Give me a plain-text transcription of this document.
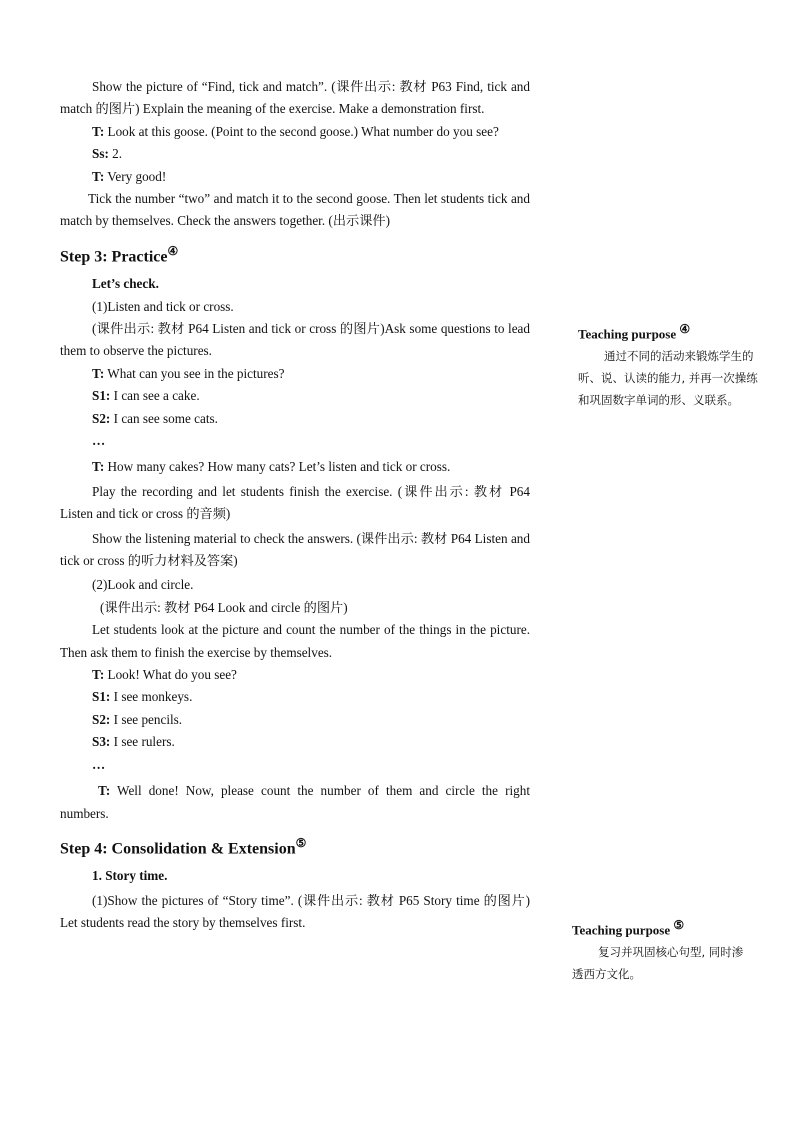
Show the picture of “Find, tick and match”. (课件出示: 教材 P63 Find, tick and match 的图片) Explain the meaning of the exercise. Make a demonstration first.

T: Look at this goose. (Point to the second goose.) What number do you see?

Ss: 2.

T: Very good!

Tick the number “two” and match it to the second goose. Then let students tick and match by themselves. Check the answers together. (出示课件)

Step 3: Practice④

Let’s check.

(1)Listen and tick or cross.

(课件出示: 教材 P64 Listen and tick or cross 的图片)Ask some questions to lead them to observe the pictures.

T: What can you see in the pictures?

S1: I can see a cake.

S2: I can see some cats.

…

T: How many cakes? How many cats? Let’s listen and tick or cross.

Play the recording and let students finish the exercise. (课件出示: 教材 P64 Listen and tick or cross 的音频)

Show the listening material to check the answers. (课件出示: 教材 P64 Listen and tick or cross 的听力材料及答案)

(2)Look and circle.

(课件出示: 教材 P64 Look and circle 的图片)

Let students look at the picture and count the number of the things in the picture. Then ask them to finish the exercise by themselves.

T: Look! What do you see?

S1: I see monkeys.

S2: I see pencils.

S3: I see rulers.

…

T: Well done! Now, please count the number of them and circle the right numbers.

Step 4: Consolidation & Extension⑤

1. Story time.

(1)Show the pictures of “Story time”. (课件出示: 教材 P65 Story time 的图片) Let students read the story by themselves first.

Teaching purpose ④
通过不同的活动来锻炼学生的听、说、认读的能力, 并再一次操练和巩固数字单词的形、义联系。
Teaching purpose ⑤
复习并巩固核心句型, 同时渗透西方文化。
